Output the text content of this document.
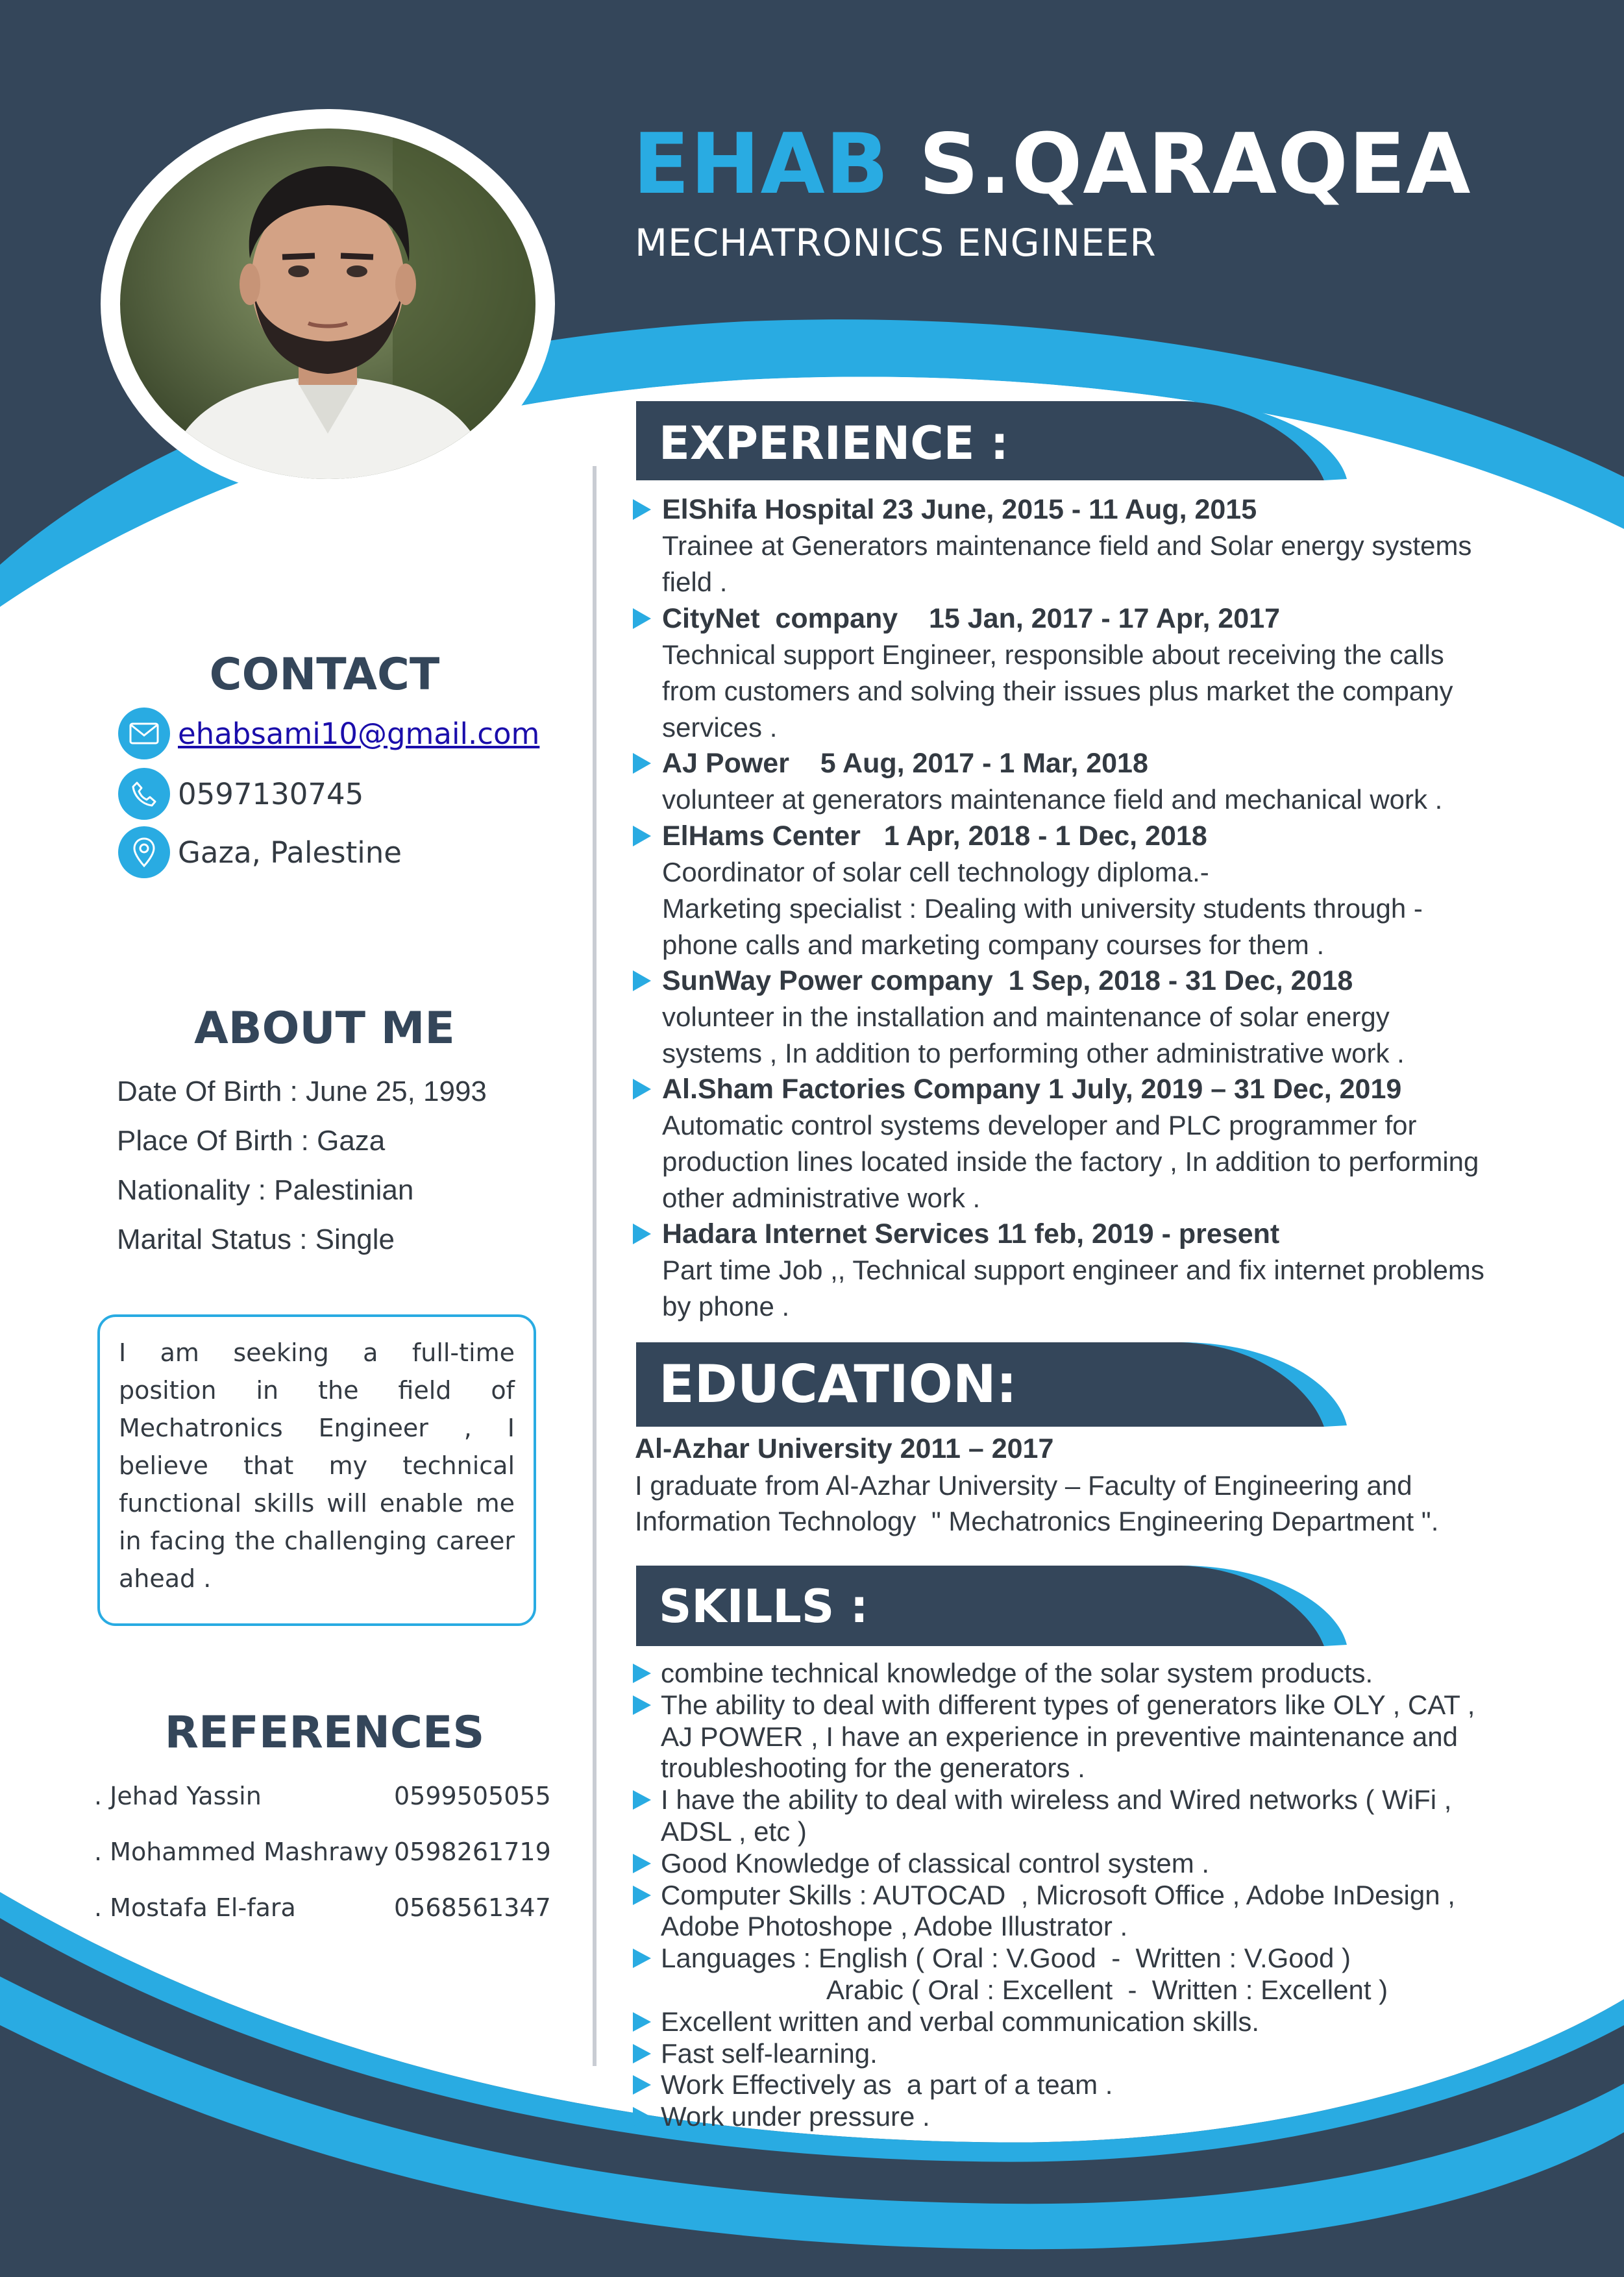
EHAB S.QARAQEA
MECHATRONICS ENGINEER
CONTACT
ehabsami10@gmail.com
0597130745
Gaza, Palestine
ABOUT ME
Date Of Birth : June 25, 1993
Place Of Birth : Gaza
Nationality : Palestinian
Marital Status : Single
I am seeking a full-time position in the field of Mechatronics Engineer , I believe that my technical functional skills will enable me in facing the challenging career ahead .
REFERENCES
. Jehad Yassin	0599505055
. Mohammed Mashrawy 0598261719
. Mostafa El-fara	0568561347
EXPERIENCE :
ElShifa Hospital 23 June, 2015 - 11 Aug, 2015
Trainee at Generators maintenance field and Solar energy systems
field .
CityNet  company    15 Jan, 2017 - 17 Apr, 2017
Technical support Engineer, responsible about receiving the calls
from customers and solving their issues plus market the company
services .
AJ Power    5 Aug, 2017 - 1 Mar, 2018
volunteer at generators maintenance field and mechanical work .
ElHams Center   1 Apr, 2018 - 1 Dec, 2018
Coordinator of solar cell technology diploma.-
Marketing specialist : Dealing with university students through -
phone calls and marketing company courses for them .
SunWay Power company  1 Sep, 2018 - 31 Dec, 2018
volunteer in the installation and maintenance of solar energy
systems , In addition to performing other administrative work .
Al.Sham Factories Company 1 July, 2019 – 31 Dec, 2019
Automatic control systems developer and PLC programmer for
production lines located inside the factory , In addition to performing
other administrative work .
Hadara Internet Services 11 feb, 2019 - present
Part time Job ,, Technical support engineer and fix internet problems
by phone .
EDUCATION:
Al-Azhar University 2011 – 2017
I graduate from Al-Azhar University – Faculty of Engineering and
Information Technology  " Mechatronics Engineering Department ".
SKILLS :
combine technical knowledge of the solar system products.
The ability to deal with different types of generators like OLY , CAT ,
AJ POWER , I have an experience in preventive maintenance and
troubleshooting for the generators .
I have the ability to deal with wireless and Wired networks ( WiFi ,
ADSL , etc )
Good Knowledge of classical control system .
Computer Skills : AUTOCAD  , Microsoft Office , Adobe InDesign ,
Adobe Photoshope , Adobe Illustrator .
Languages : English ( Oral : V.Good  -  Written : V.Good )
Arabic ( Oral : Excellent  -  Written : Excellent )
Excellent written and verbal communication skills.
Fast self-learning.
Work Effectively as  a part of a team .
Work under pressure .
